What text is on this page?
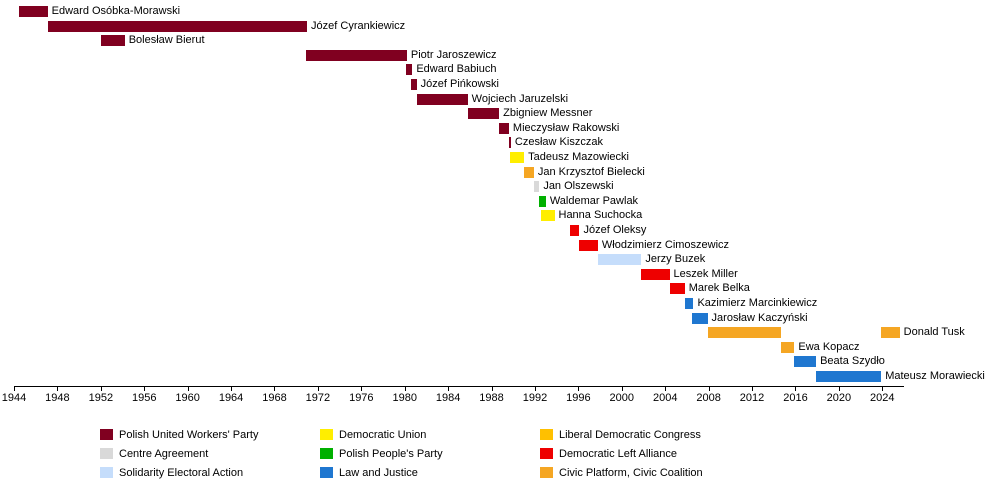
Edward Osóbka-Morawski
Józef Cyrankiewicz
Bolesław Bierut
Piotr Jaroszewicz
Edward Babiuch
Józef Pińkowski
Wojciech Jaruzelski
Zbigniew Messner
Mieczysław Rakowski
Czesław Kiszczak
Tadeusz Mazowiecki
Jan Krzysztof Bielecki
Jan Olszewski
Waldemar Pawlak
Hanna Suchocka
Józef Oleksy
Włodzimierz Cimoszewicz
Jerzy Buzek
Leszek Miller
Marek Belka
Kazimierz Marcinkiewicz
Jarosław Kaczyński
Donald Tusk
Ewa Kopacz
Beata Szydło
Mateusz Morawiecki
1944 1948 1952 1956 1960 1964 1968 1972 1976 1980 1984 1988 1992 1996 2000 2004 2008 2012 2016 2020 2024
Polish United Workers' Party	Democratic Union	Liberal Democratic Congress
Centre Agreement	Polish People's Party	Democratic Left Alliance
Solidarity Electoral Action	Law and Justice	Civic Platform, Civic Coalition
